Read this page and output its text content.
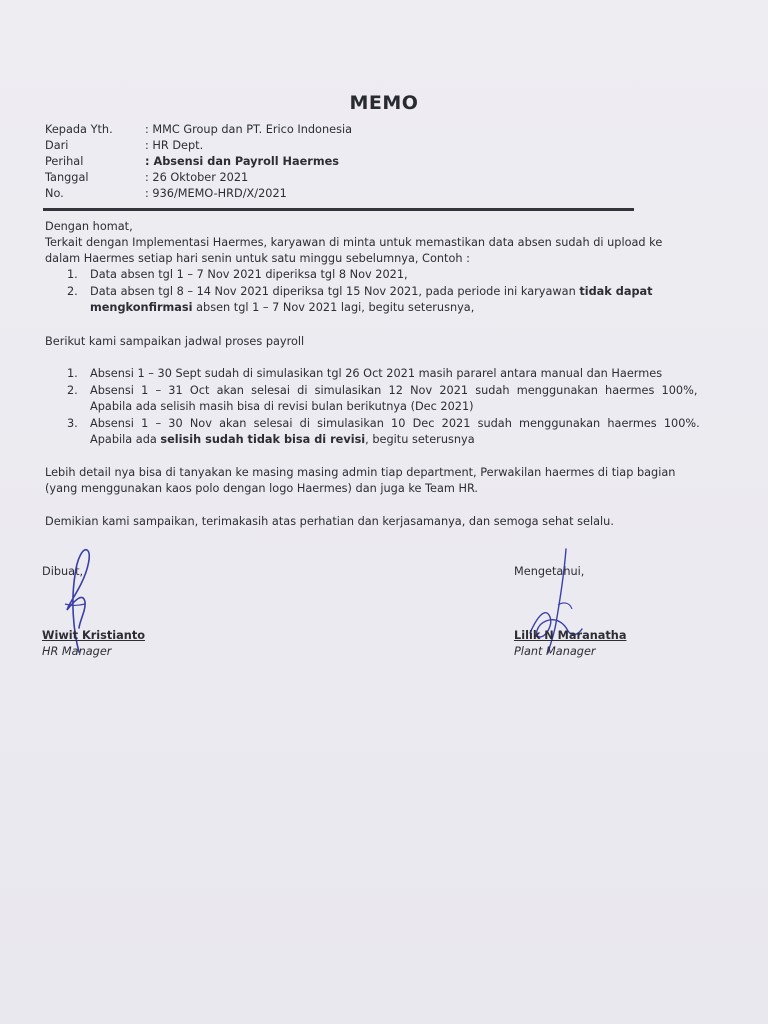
MEMO
Kepada Yth.	: MMC Group dan PT. Erico Indonesia
Dari	: HR Dept.
Perihal	: Absensi dan Payroll Haermes
Tanggal	: 26 Oktober 2021
No.	: 936/MEMO-HRD/X/2021
Dengan homat,
Terkait dengan Implementasi Haermes, karyawan di minta untuk memastikan data absen sudah di upload ke
dalam Haermes setiap hari senin untuk satu minggu sebelumnya, Contoh :
1. Data absen tgl 1 – 7 Nov 2021 diperiksa tgl 8 Nov 2021,
2. Data absen tgl 8 – 14 Nov 2021 diperiksa tgl 15 Nov 2021, pada periode ini karyawan tidak dapat
mengkonfirmasi absen tgl 1 – 7 Nov 2021 lagi, begitu seterusnya,
Berikut kami sampaikan jadwal proses payroll
1. Absensi 1 – 30 Sept sudah di simulasikan tgl 26 Oct 2021 masih pararel antara manual dan Haermes
2. Absensi  1  –  31  Oct  akan  selesai  di  simulasikan  12  Nov  2021  sudah  menggunakan  haermes  100%,
Apabila ada selisih masih bisa di revisi bulan berikutnya (Dec 2021)
3. Absensi  1  –  30  Nov  akan  selesai  di  simulasikan  10  Dec  2021  sudah  menggunakan  haermes  100%.
Apabila ada selisih sudah tidak bisa di revisi, begitu seterusnya
Lebih detail nya bisa di tanyakan ke masing masing admin tiap department, Perwakilan haermes di tiap bagian
(yang menggunakan kaos polo dengan logo Haermes) dan juga ke Team HR.
Demikian kami sampaikan, terimakasih atas perhatian dan kerjasamanya, dan semoga sehat selalu.
Dibuat,
Wiwit Kristianto
HR Manager
Mengetahui,
Lilik N Maranatha
Plant Manager
